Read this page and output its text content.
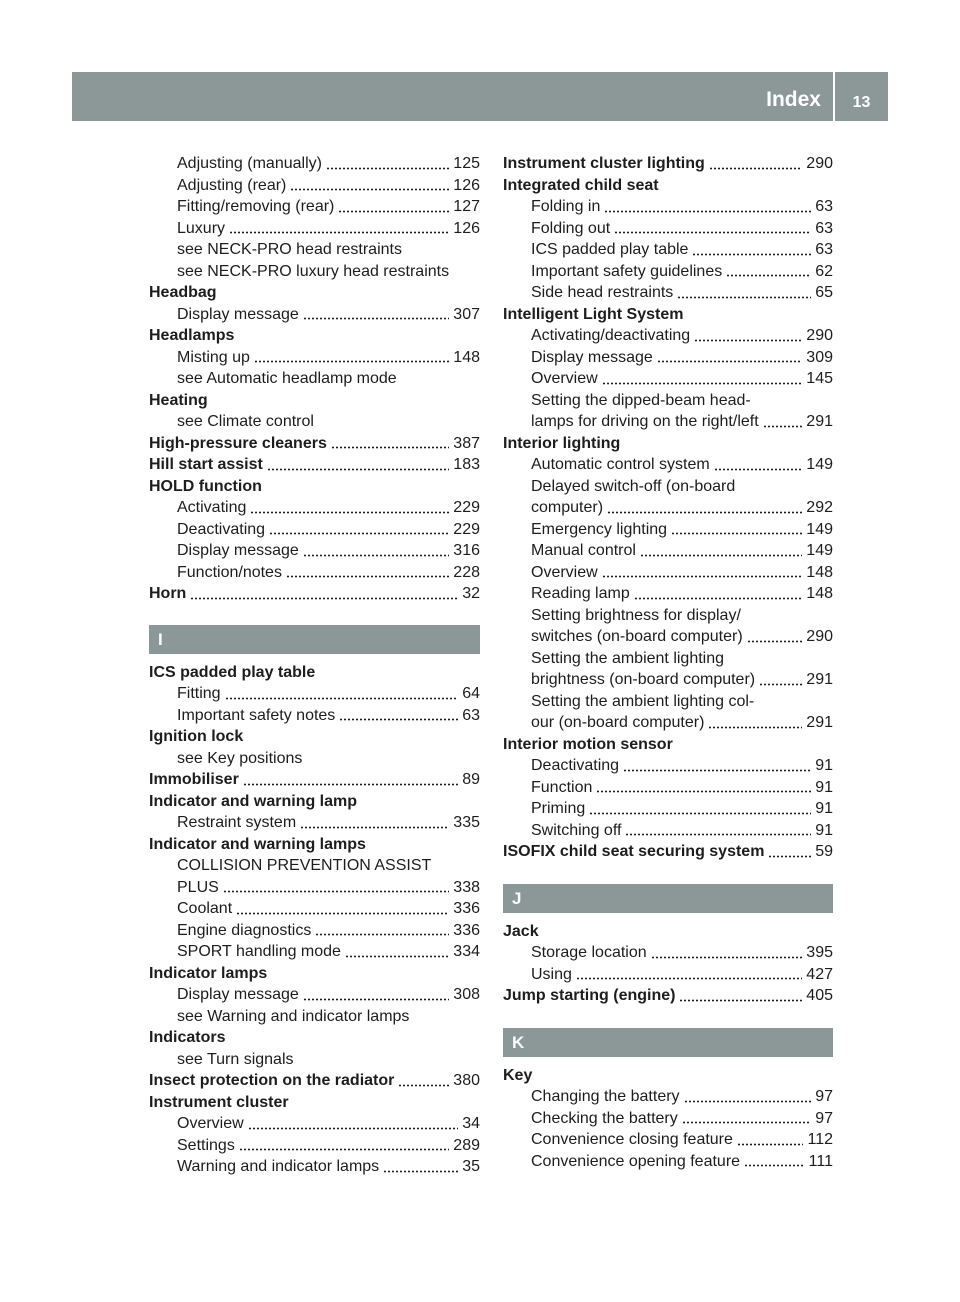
Index	13
Adjusting (manually)	125
Adjusting (rear)	126
Fitting/removing (rear)	127
Luxury	126
see NECK-PRO head restraints
see NECK-PRO luxury head restraints
Headbag
Display message	307
Headlamps
Misting up	148
see Automatic headlamp mode
Heating
see Climate control
High-pressure cleaners	387
Hill start assist	183
HOLD function
Activating	229
Deactivating	229
Display message	316
Function/notes	228
Horn	32
I
ICS padded play table
Fitting	64
Important safety notes	63
Ignition lock
see Key positions
Immobiliser	89
Indicator and warning lamp
Restraint system	335
Indicator and warning lamps
COLLISION PREVENTION ASSIST
PLUS	338
Coolant	336
Engine diagnostics	336
SPORT handling mode	334
Indicator lamps
Display message	308
see Warning and indicator lamps
Indicators
see Turn signals
Insect protection on the radiator	380
Instrument cluster
Overview	34
Settings	289
Warning and indicator lamps	35
Instrument cluster lighting	290
Integrated child seat
Folding in	63
Folding out	63
ICS padded play table	63
Important safety guidelines	62
Side head restraints	65
Intelligent Light System
Activating/deactivating	290
Display message	309
Overview	145
Setting the dipped-beam head-
lamps for driving on the right/left	291
Interior lighting
Automatic control system	149
Delayed switch-off (on-board
computer)	292
Emergency lighting	149
Manual control	149
Overview	148
Reading lamp	148
Setting brightness for display/
switches (on-board computer)	290
Setting the ambient lighting
brightness (on-board computer)	291
Setting the ambient lighting col-
our (on-board computer)	291
Interior motion sensor
Deactivating	91
Function	91
Priming	91
Switching off	91
ISOFIX child seat securing system	59
J
Jack
Storage location	395
Using	427
Jump starting (engine)	405
K
Key
Changing the battery	97
Checking the battery	97
Convenience closing feature	112
Convenience opening feature	111
